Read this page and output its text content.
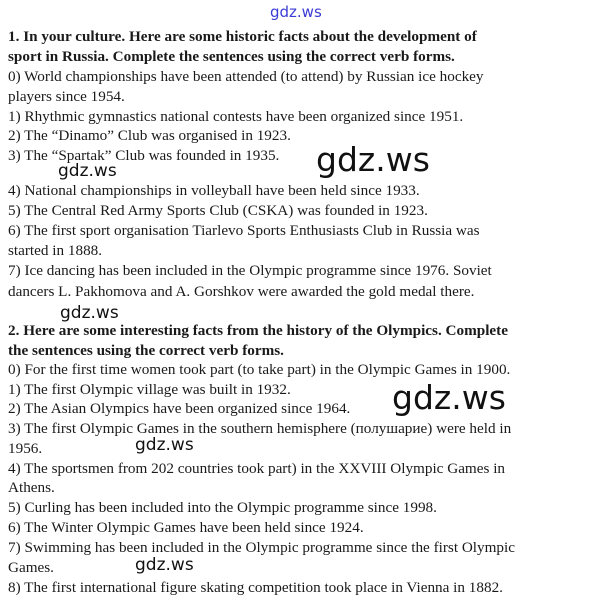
gdz.ws
1. In your culture. Here are some historic facts about the development of
sport in Russia. Complete the sentences using the correct verb forms.
0) World championships have been attended (to attend) by Russian ice hockey
players since 1954.
1) Rhythmic gymnastics national contests have been organized since 1951.
2) The “Dinamo” Club was organised in 1923.
3) The “Spartak” Club was founded in 1935.
4) National championships in volleyball have been held since 1933.
5) The Central Red Army Sports Club (CSKA) was founded in 1923.
6) The first sport organisation Tiarlevo Sports Enthusiasts Club in Russia was
started in 1888.
7) Ice dancing has been included in the Olympic programme since 1976. Soviet
dancers L. Pakhomova and A. Gorshkov were awarded the gold medal there.
2. Here are some interesting facts from the history of the Olympics. Complete
the sentences using the correct verb forms.
0) For the first time women took part (to take part) in the Olympic Games in 1900.
1) The first Olympic village was built in 1932.
2) The Asian Olympics have been organized since 1964.
3) The first Olympic Games in the southern hemisphere (полушарие) were held in
1956.
4) The sportsmen from 202 countries took part) in the XXVIII Olympic Games in
Athens.
5) Curling has been included into the Olympic programme since 1998.
6) The Winter Olympic Games have been held since 1924.
7) Swimming has been included in the Olympic programme since the first Olympic
Games.
8) The first international figure skating competition took place in Vienna in 1882.
gdz.ws
gdz.ws
gdz.ws
gdz.ws
gdz.ws
gdz.ws
